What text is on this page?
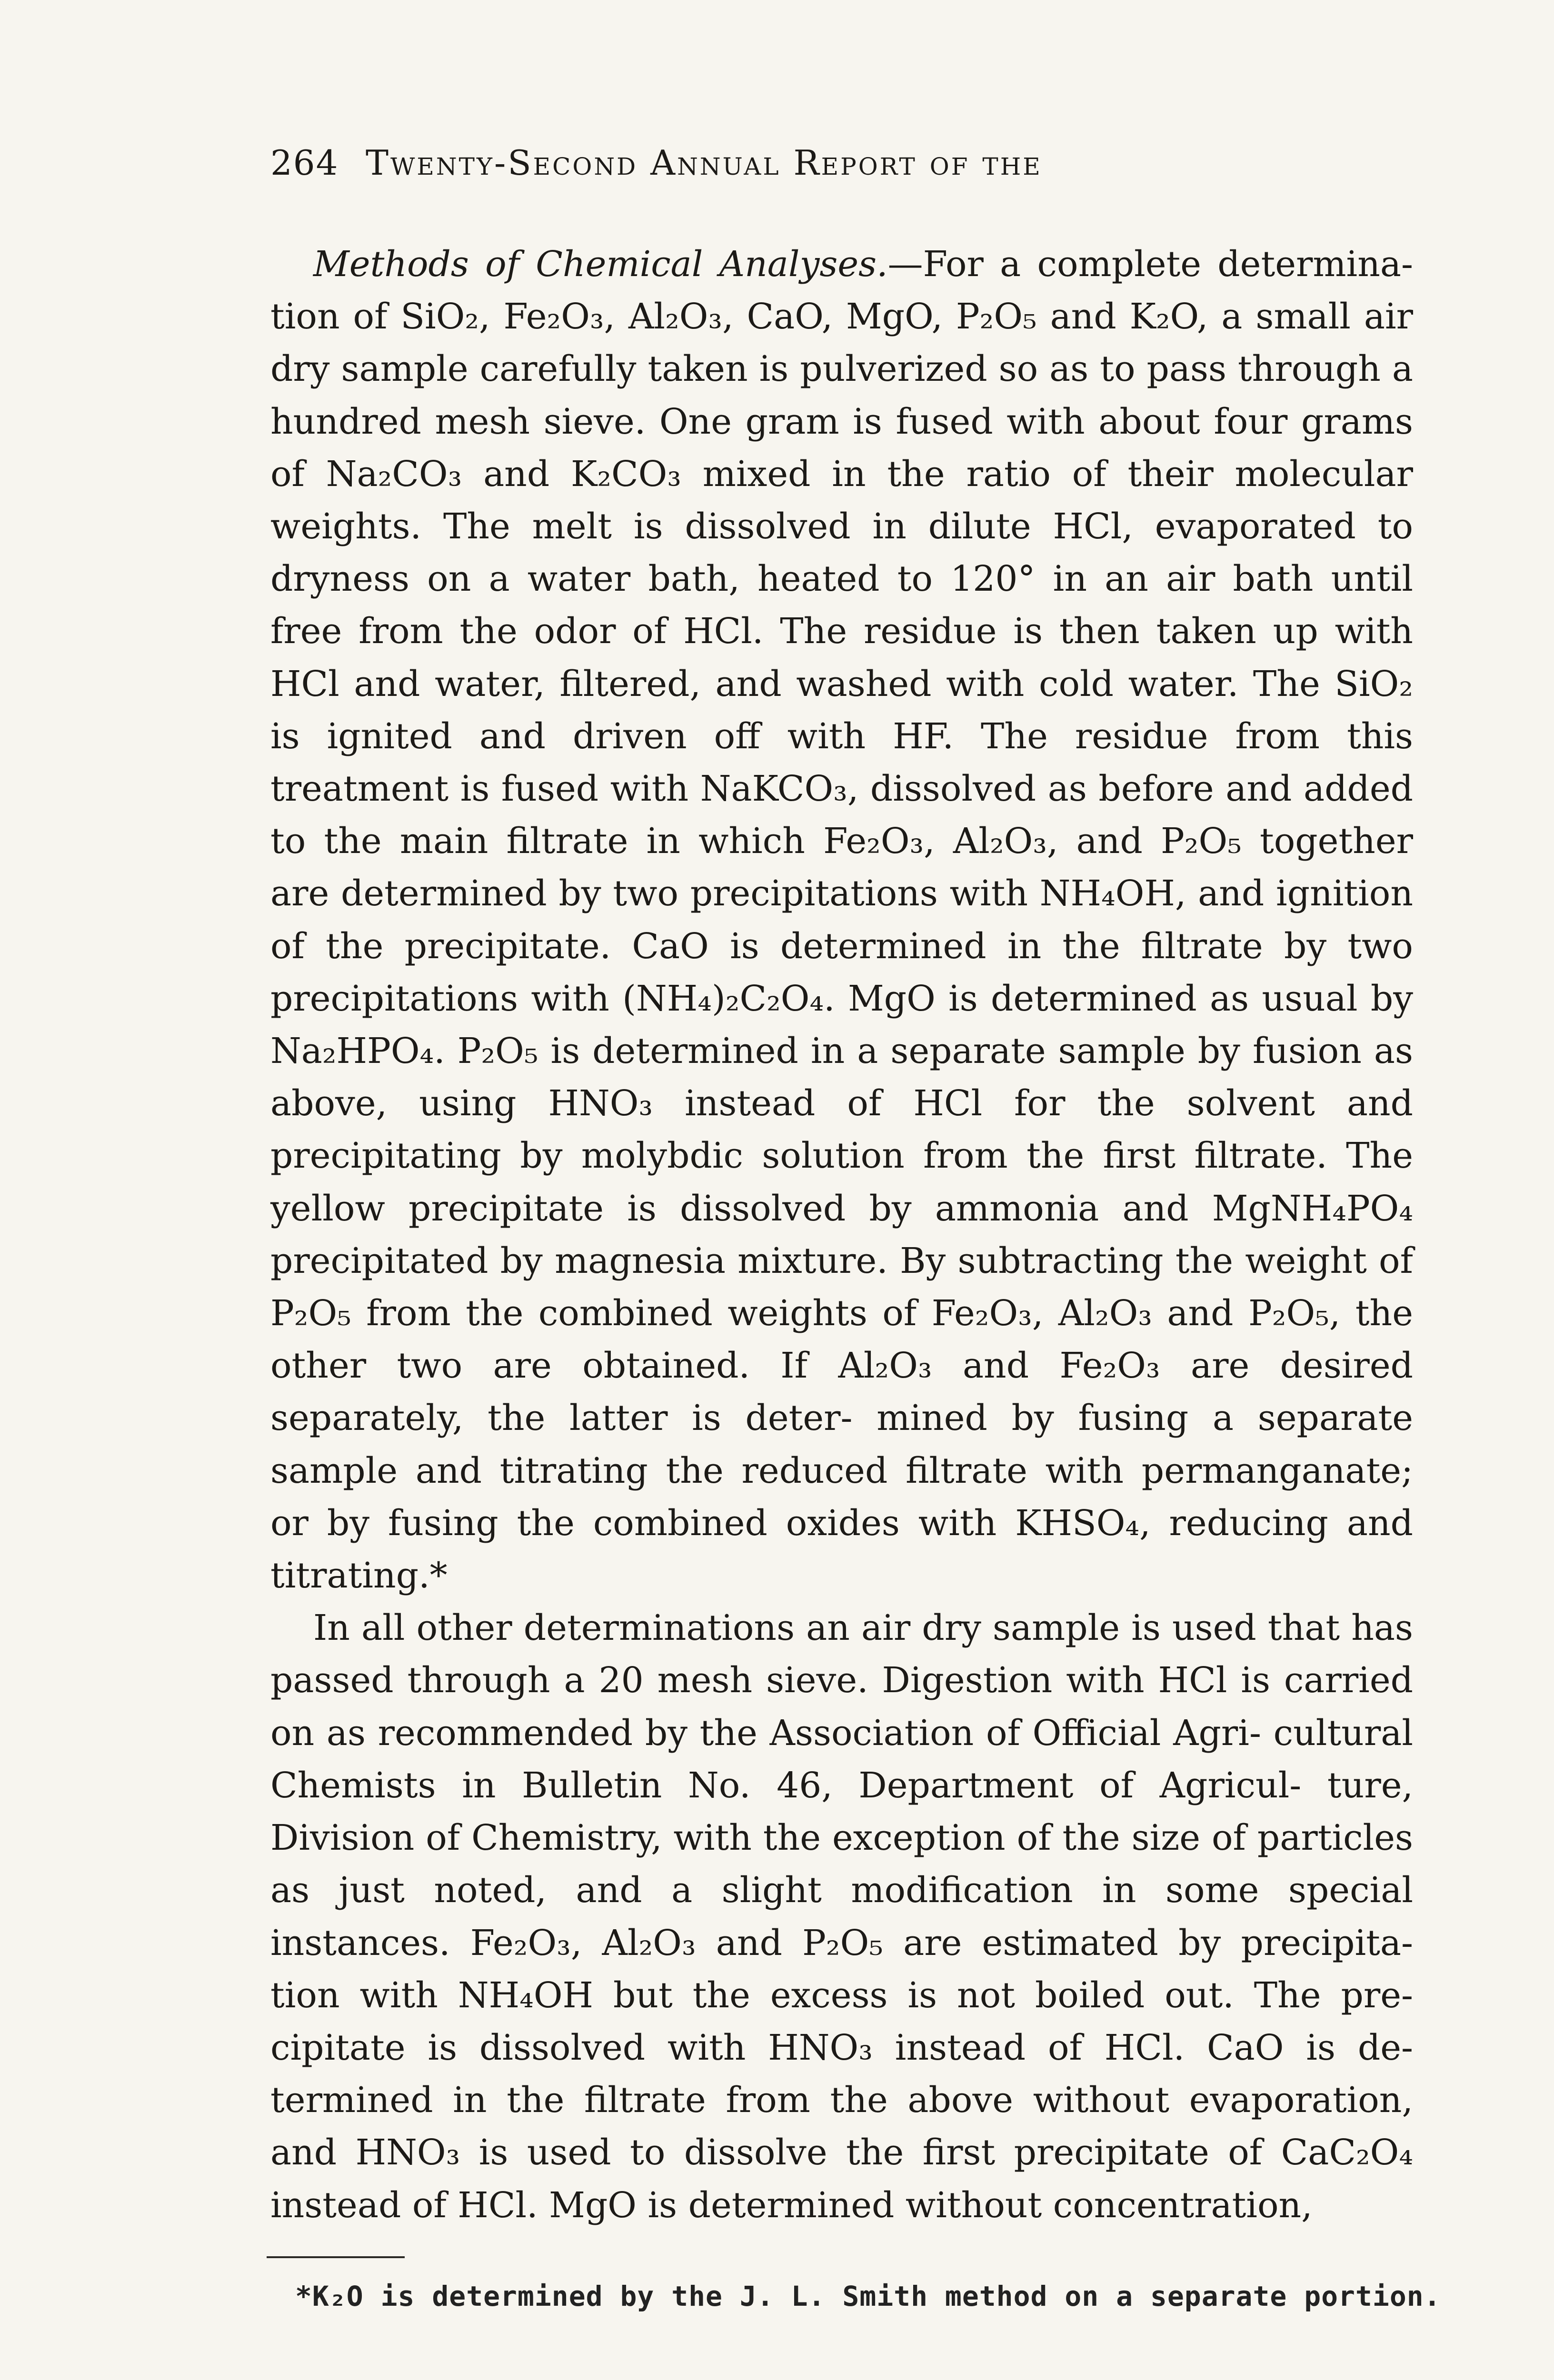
264 Twenty-Second Annual Report of the
Methods of Chemical Analyses.—For a complete determina- tion of SiO₂, Fe₂O₃, Al₂O₃, CaO, MgO, P₂O₅ and K₂O, a small air dry sample carefully taken is pulverized so as to pass through a hundred mesh sieve. One gram is fused with about four grams of Na₂CO₃ and K₂CO₃ mixed in the ratio of their molecular weights. The melt is dissolved in dilute HCl, evaporated to dryness on a water bath, heated to 120° in an air bath until free from the odor of HCl. The residue is then taken up with HCl and water, filtered, and washed with cold water. The SiO₂ is ignited and driven off with HF. The residue from this treatment is fused with NaKCO₃, dissolved as before and added to the main filtrate in which Fe₂O₃, Al₂O₃, and P₂O₅ together are determined by two precipitations with NH₄OH, and ignition of the precipitate. CaO is determined in the filtrate by two precipitations with (NH₄)₂C₂O₄. MgO is determined as usual by Na₂HPO₄. P₂O₅ is determined in a separate sample by fusion as above, using HNO₃ instead of HCl for the solvent and precipitating by molybdic solution from the first filtrate. The yellow precipitate is dissolved by ammonia and MgNH₄PO₄ precipitated by magnesia mixture. By subtracting the weight of P₂O₅ from the combined weights of Fe₂O₃, Al₂O₃ and P₂O₅, the other two are obtained. If Al₂O₃ and Fe₂O₃ are desired separately, the latter is deter- mined by fusing a separate sample and titrating the reduced filtrate with permanganate; or by fusing the combined oxides with KHSO₄, reducing and titrating.*
In all other determinations an air dry sample is used that has passed through a 20 mesh sieve. Digestion with HCl is carried on as recommended by the Association of Official Agri- cultural Chemists in Bulletin No. 46, Department of Agricul- ture, Division of Chemistry, with the exception of the size of particles as just noted, and a slight modification in some special instances. Fe₂O₃, Al₂O₃ and P₂O₅ are estimated by precipita- tion with NH₄OH but the excess is not boiled out. The pre- cipitate is dissolved with HNO₃ instead of HCl. CaO is de- termined in the filtrate from the above without evaporation, and HNO₃ is used to dissolve the first precipitate of CaC₂O₄ instead of HCl. MgO is determined without concentration,
*K₂O is determined by the J. L. Smith method on a separate portion.
